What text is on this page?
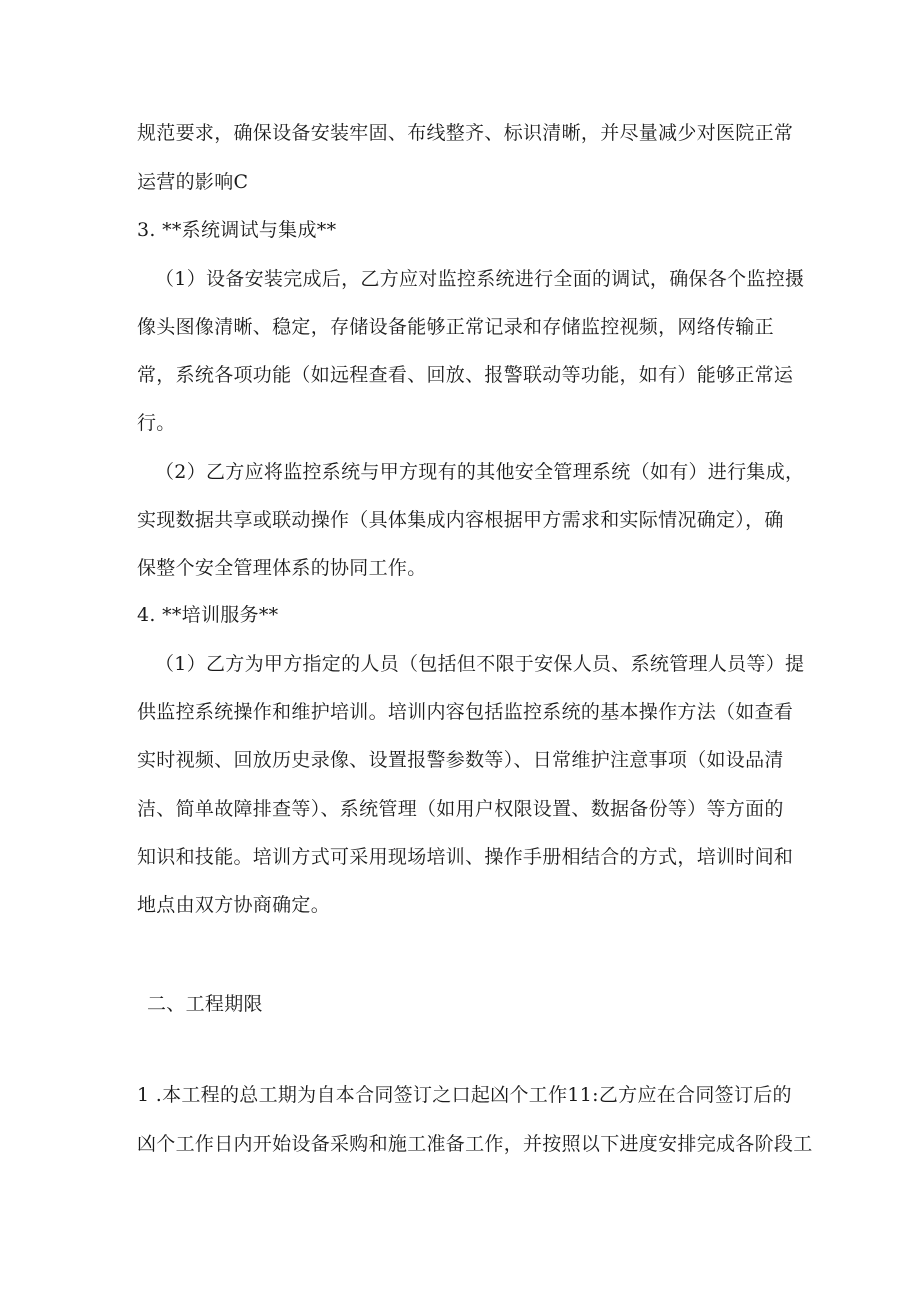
规范要求，确保设备安装牢固、布线整齐、标识清晰，并尽量减少对医院正常
运营的影响C
3. **系统调试与集成**
（1）设备安装完成后，乙方应对监控系统进行全面的调试，确保各个监控摄
像头图像清晰、稳定，存储设备能够正常记录和存储监控视频，网络传输正
常，系统各项功能（如远程查看、回放、报警联动等功能，如有）能够正常运
行。
（2）乙方应将监控系统与甲方现有的其他安全管理系统（如有）进行集成，
实现数据共享或联动操作（具体集成内容根据甲方需求和实际情况确定），确
保整个安全管理体系的协同工作。
4. **培训服务**
（1）乙方为甲方指定的人员（包括但不限于安保人员、系统管理人员等）提
供监控系统操作和维护培训。培训内容包括监控系统的基本操作方法（如查看
实时视频、回放历史录像、设置报警参数等）、日常维护注意事项（如设品清
洁、简单故障排查等）、系统管理（如用户权限设置、数据备份等）等方面的
知识和技能。培训方式可采用现场培训、操作手册相结合的方式，培训时间和
地点由双方协商确定。
二、工程期限
1 .本工程的总工期为自本合同签订之口起凶个工作11:乙方应在合同签订后的
凶个工作日内开始设备采购和施工准备工作，并按照以下进度安排完成各阶段工
